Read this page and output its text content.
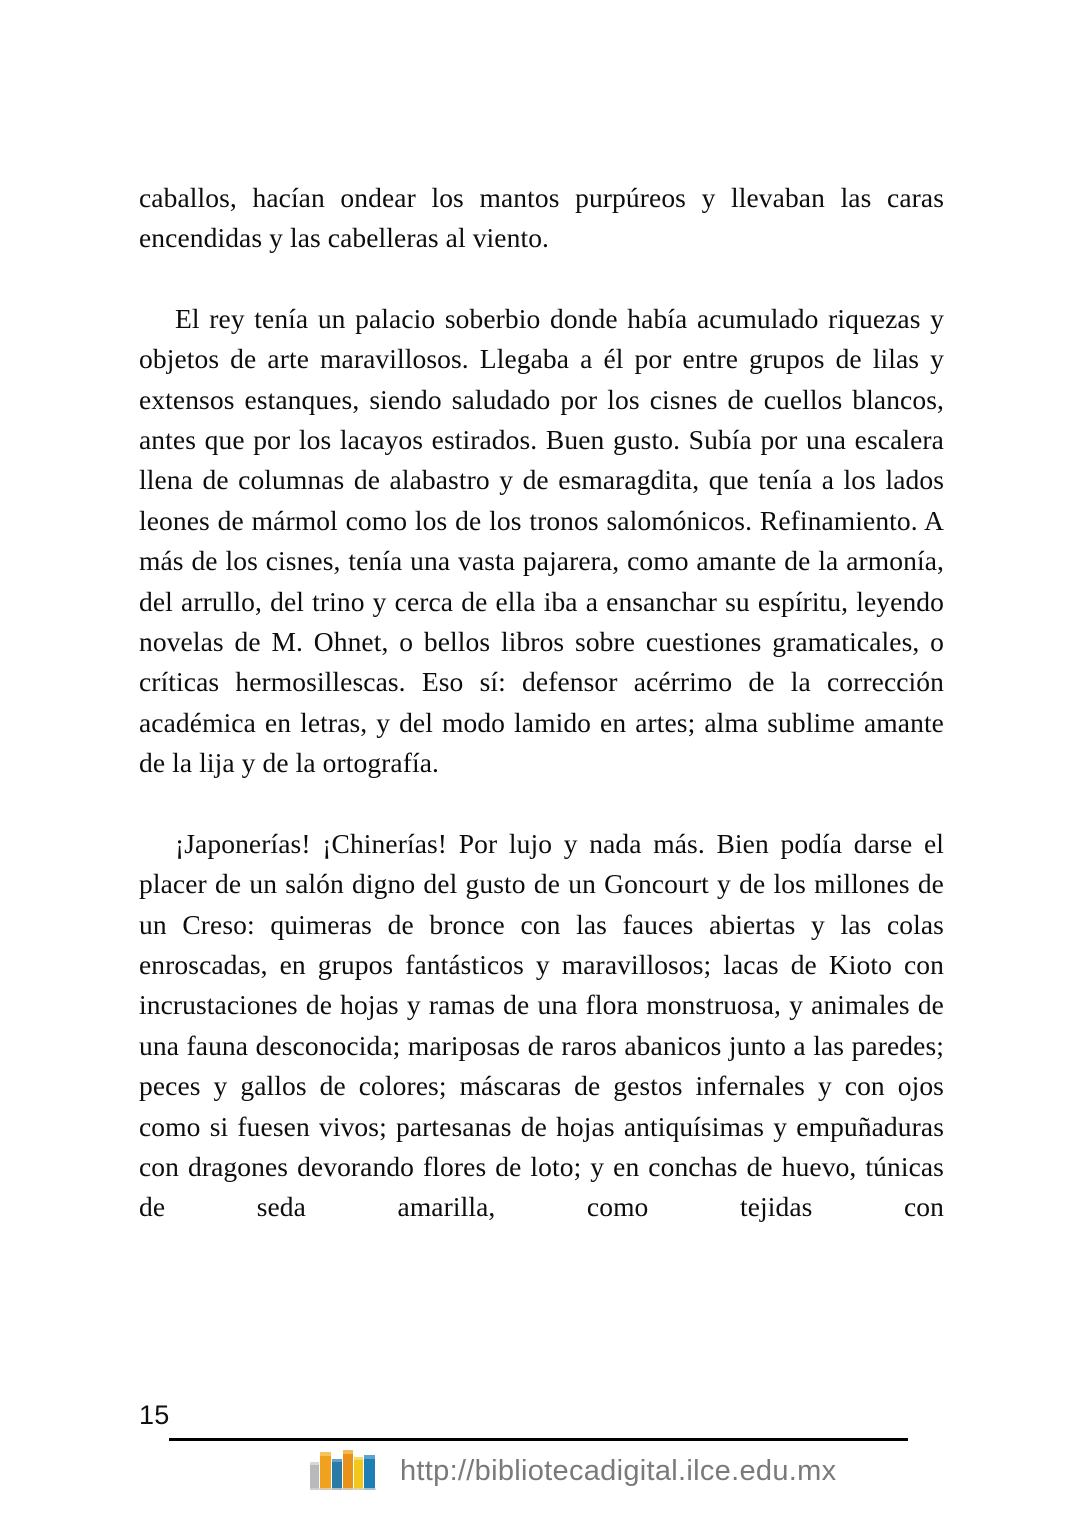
caballos, hacían ondear los mantos purpúreos y llevaban las caras encendidas y las cabelleras al viento.

El rey tenía un palacio soberbio donde había acumulado riquezas y objetos de arte maravillosos. Llegaba a él por entre grupos de lilas y extensos estanques, siendo saludado por los cisnes de cuellos blancos, antes que por los lacayos estirados. Buen gusto. Subía por una escalera llena de columnas de alabastro y de esmaragdita, que tenía a los lados leones de mármol como los de los tronos salomónicos. Refinamiento. A más de los cisnes, tenía una vasta pajarera, como amante de la armonía, del arrullo, del trino y cerca de ella iba a ensanchar su espíritu, leyendo novelas de M. Ohnet, o bellos libros sobre cuestiones gramaticales, o críticas hermosillescas. Eso sí: defensor acérrimo de la corrección académica en letras, y del modo lamido en artes; alma sublime amante de la lija y de la ortografía.

¡Japonerías! ¡Chinerías! Por lujo y nada más. Bien podía darse el placer de un salón digno del gusto de un Goncourt y de los millones de un Creso: quimeras de bronce con las fauces abiertas y las colas enroscadas, en grupos fantásticos y maravillosos; lacas de Kioto con incrustaciones de hojas y ramas de una flora monstruosa, y animales de una fauna desconocida; mariposas de raros abanicos junto a las paredes; peces y gallos de colores; máscaras de gestos infernales y con ojos como si fuesen vivos; partesanas de hojas antiquísimas y empuñaduras con dragones devorando flores de loto; y en conchas de huevo, túnicas de seda amarilla, como tejidas con

15
http://bibliotecadigital.ilce.edu.mx
